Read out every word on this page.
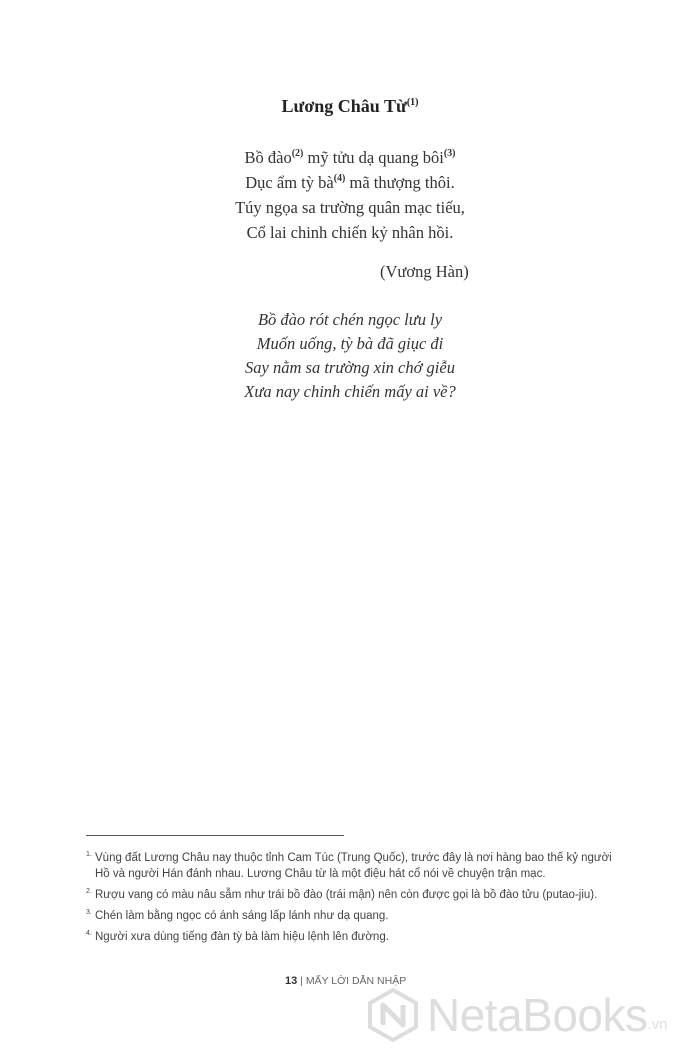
Lương Châu Từ$^{(1)}$
Bồ đào$^{(2)}$ mỹ tửu dạ quang bôi$^{(3)}$
Dục ẩm tỳ bà$^{(4)}$ mã thượng thôi.
Túy ngọa sa trường quân mạc tiếu,
Cổ lai chinh chiến kỷ nhân hồi.
(Vương Hàn)
Bồ đào rót chén ngọc lưu ly
Muốn uống, tỳ bà đã giục đi
Say nằm sa trường xin chớ giễu
Xưa nay chinh chiến mấy ai về?
1. Vùng đất Lương Châu nay thuộc tỉnh Cam Túc (Trung Quốc), trước đây là nơi hàng bao thế kỷ người Hồ và người Hán đánh nhau. Lương Châu từ là một điệu hát cổ nói về chuyện trận mạc.
2. Rượu vang có màu nâu sẫm như trái bồ đào (trái mận) nên còn được gọi là bồ đào tửu (putao-jiu).
3. Chén làm bằng ngọc có ánh sáng lấp lánh như dạ quang.
4. Người xưa dùng tiếng đàn tỳ bà làm hiệu lệnh lên đường.
13 | MẤY LỜI DẪN NHẬP
NetaBooks .vn
